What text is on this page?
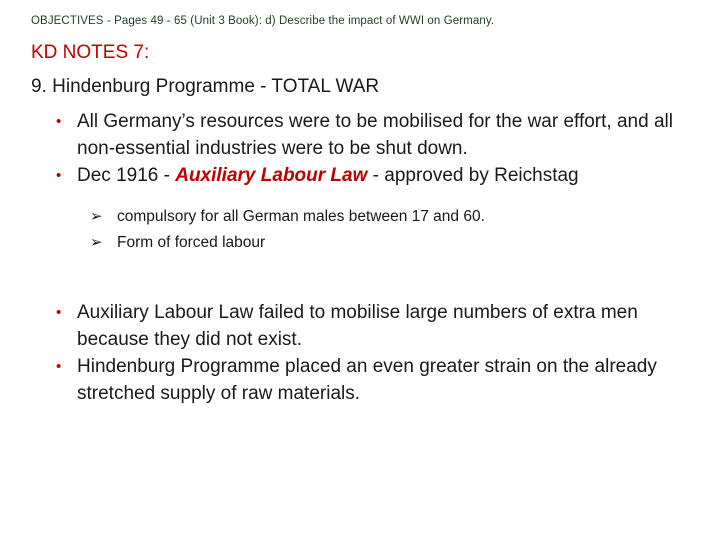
OBJECTIVES - Pages 49 - 65 (Unit 3 Book): d) Describe the impact of WWI on Germany.
KD NOTES 7:
9. Hindenburg Programme - TOTAL WAR
• All Germany’s resources were to be mobilised for the war effort, and all non-essential industries were to be shut down.
• Dec 1916 - Auxiliary Labour Law - approved by Reichstag
➢ compulsory for all German males between 17 and 60.
➢ Form of forced labour
• Auxiliary Labour Law failed to mobilise large numbers of extra men because they did not exist.
• Hindenburg Programme placed an even greater strain on the already stretched supply of raw materials.
